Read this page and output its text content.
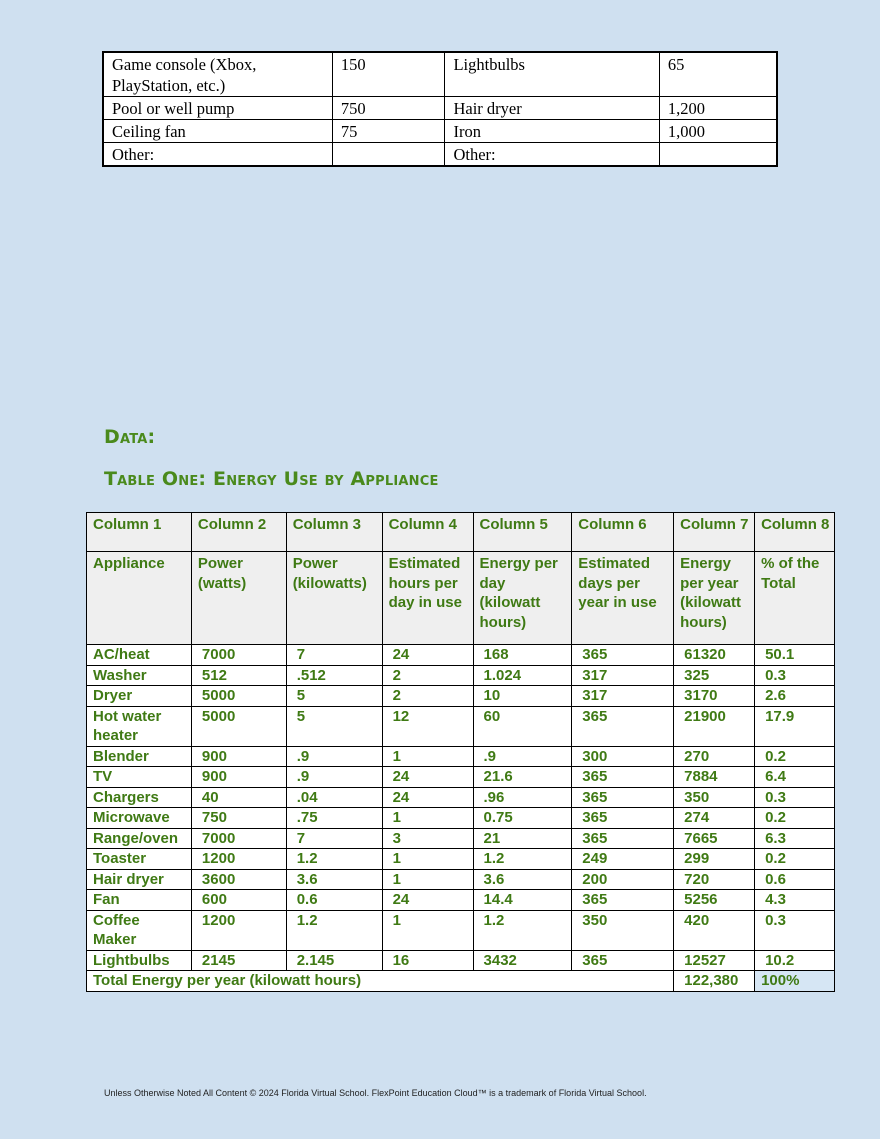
Game console (Xbox, PlayStation, etc.)	150	Lightbulbs	65
Pool or well pump	750	Hair dryer	1,200
Ceiling fan	75	Iron	1,000
Other:		Other:	
Data:
Table One: Energy Use by Appliance
Column 1	Column 2	Column 3	Column 4	Column 5	Column 6	Column 7	Column 8
Appliance	Power (watts)	Power (kilowatts)	Estimated hours per day in use	Energy per day (kilowatt hours)	Estimated days per year in use	Energy per year (kilowatt hours)	% of the Total
AC/heat	7000	7	24	168	365	61320	50.1
Washer	512	.512	2	1.024	317	325	0.3
Dryer	5000	5	2	10	317	3170	2.6
Hot water heater	5000	5	12	60	365	21900	17.9
Blender	900	.9	1	.9	300	270	0.2
TV	900	.9	24	21.6	365	7884	6.4
Chargers	40	.04	24	.96	365	350	0.3
Microwave	750	.75	1	0.75	365	274	0.2
Range/oven	7000	7	3	21	365	7665	6.3
Toaster	1200	1.2	1	1.2	249	299	0.2
Hair dryer	3600	3.6	1	3.6	200	720	0.6
Fan	600	0.6	24	14.4	365	5256	4.3
Coffee Maker	1200	1.2	1	1.2	350	420	0.3
Lightbulbs	2145	2.145	16	3432	365	12527	10.2
Total Energy per year (kilowatt hours)						122,380	100%
Unless Otherwise Noted All Content © 2024 Florida Virtual School. FlexPoint Education Cloud™ is a trademark of Florida Virtual School.
